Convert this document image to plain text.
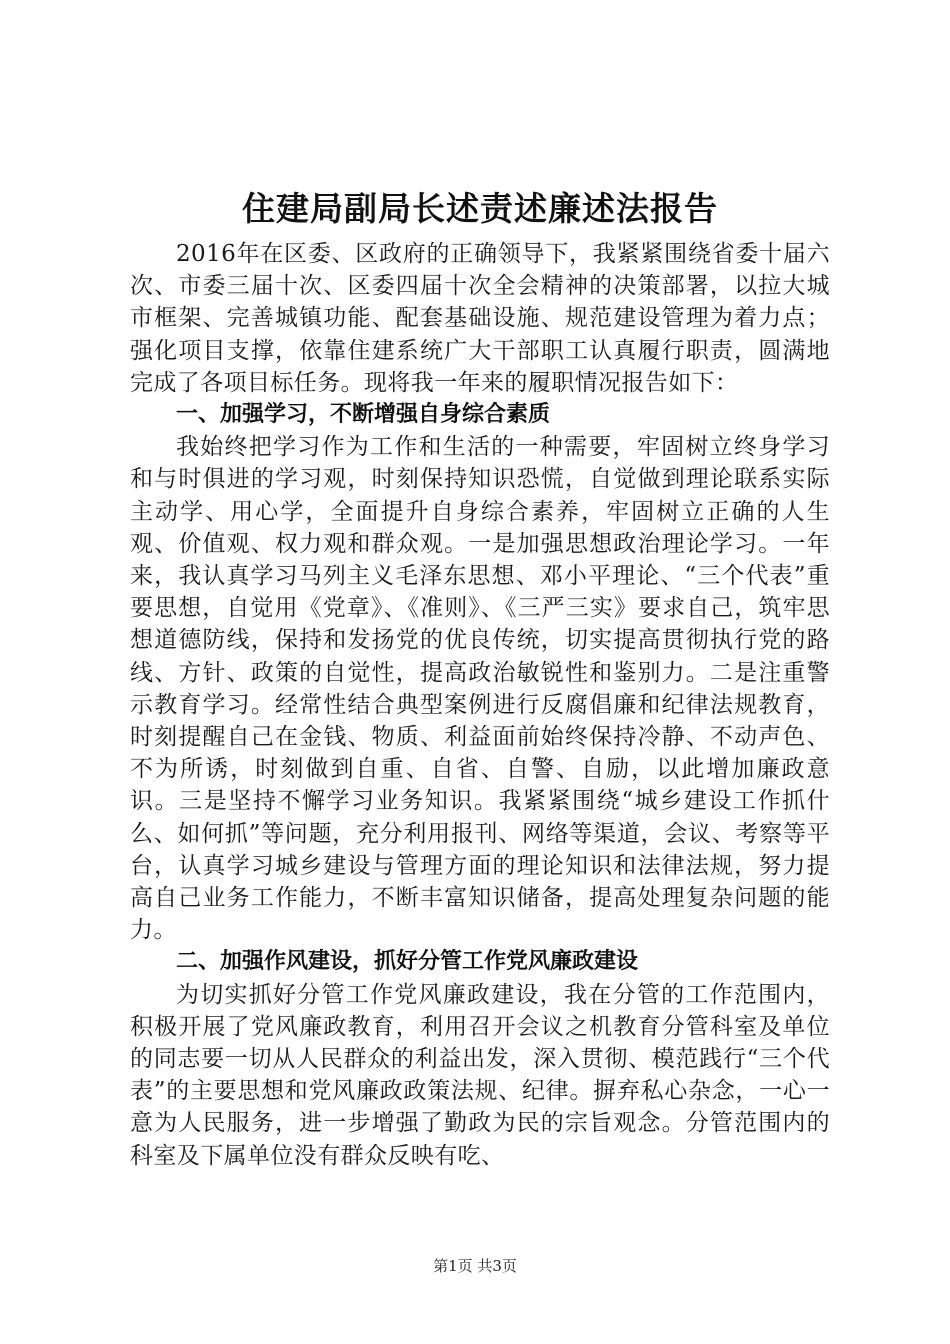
住建局副局长述责述廉述法报告

2016年在区委、区政府的正确领导下，我紧紧围绕省委十届六次、市委三届十次、区委四届十次全会精神的决策部署，以拉大城市框架、完善城镇功能、配套基础设施、规范建设管理为着力点；强化项目支撑，依靠住建系统广大干部职工认真履行职责，圆满地完成了各项目标任务。现将我一年来的履职情况报告如下：

一、加强学习，不断增强自身综合素质

我始终把学习作为工作和生活的一种需要，牢固树立终身学习和与时俱进的学习观，时刻保持知识恐慌，自觉做到理论联系实际主动学、用心学，全面提升自身综合素养，牢固树立正确的人生观、价值观、权力观和群众观。一是加强思想政治理论学习。一年来，我认真学习马列主义毛泽东思想、邓小平理论、“三个代表”重要思想，自觉用《党章》、《准则》、《三严三实》要求自己，筑牢思想道德防线，保持和发扬党的优良传统，切实提高贯彻执行党的路线、方针、政策的自觉性，提高政治敏锐性和鉴别力。二是注重警示教育学习。经常性结合典型案例进行反腐倡廉和纪律法规教育，时刻提醒自己在金钱、物质、利益面前始终保持冷静、不动声色、不为所诱，时刻做到自重、自省、自警、自励，以此增加廉政意识。三是坚持不懈学习业务知识。我紧紧围绕“城乡建设工作抓什么、如何抓”等问题，充分利用报刊、网络等渠道，会议、考察等平台，认真学习城乡建设与管理方面的理论知识和法律法规，努力提高自己业务工作能力，不断丰富知识储备，提高处理复杂问题的能力。

二、加强作风建设，抓好分管工作党风廉政建设

为切实抓好分管工作党风廉政建设，我在分管的工作范围内，积极开展了党风廉政教育，利用召开会议之机教育分管科室及单位的同志要一切从人民群众的利益出发，深入贯彻、模范践行“三个代表”的主要思想和党风廉政政策法规、纪律。摒弃私心杂念，一心一意为人民服务，进一步增强了勤政为民的宗旨观念。分管范围内的科室及下属单位没有群众反映有吃、

第1页 共3页
